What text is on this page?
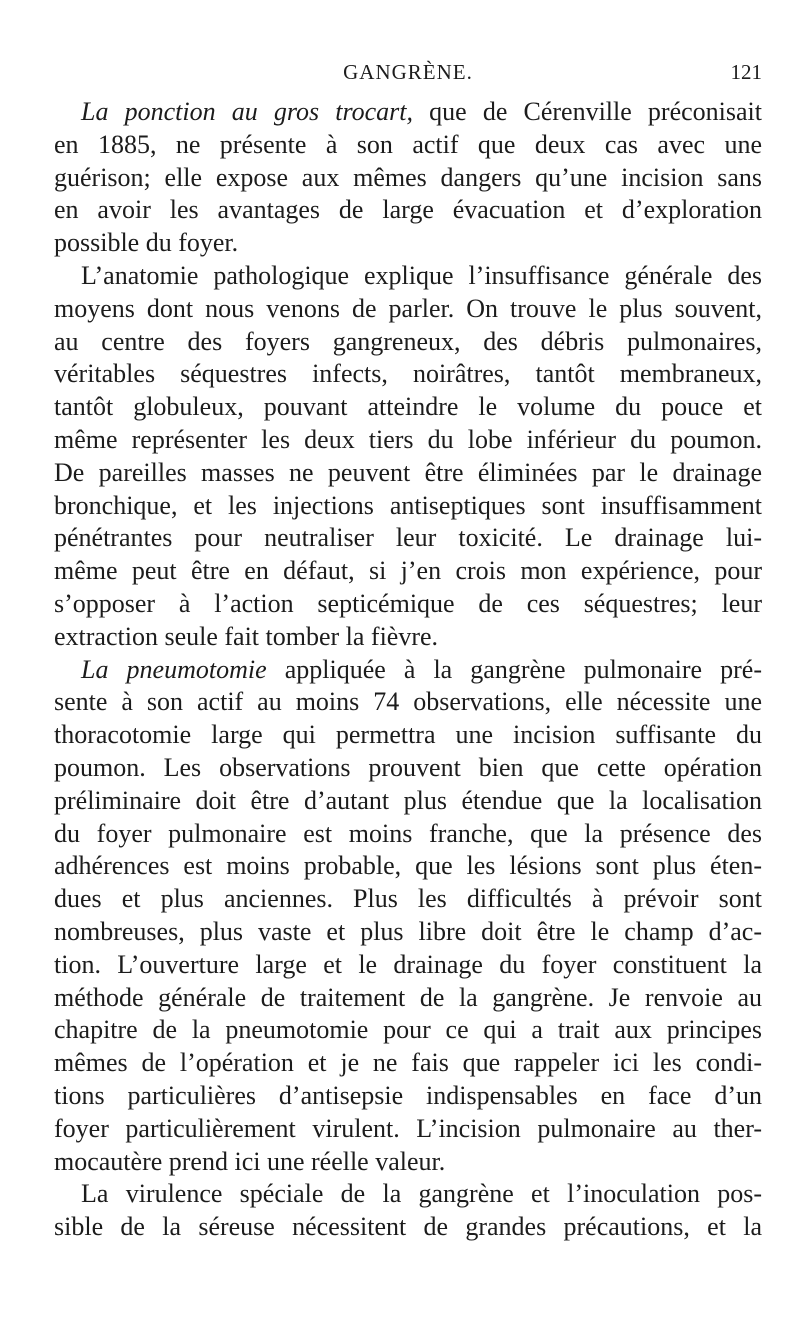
GANGRÈNE.	121
La ponction au gros trocart, que de Cérenville préconisait
en 1885, ne présente à son actif que deux cas avec une
guérison; elle expose aux mêmes dangers qu’une incision sans
en avoir les avantages de large évacuation et d’exploration
possible du foyer.
L’anatomie pathologique explique l’insuffisance générale des
moyens dont nous venons de parler. On trouve le plus souvent,
au centre des foyers gangreneux, des débris pulmonaires,
véritables séquestres infects, noirâtres, tantôt membraneux,
tantôt globuleux, pouvant atteindre le volume du pouce et
même représenter les deux tiers du lobe inférieur du poumon.
De pareilles masses ne peuvent être éliminées par le drainage
bronchique, et les injections antiseptiques sont insuffisamment
pénétrantes pour neutraliser leur toxicité. Le drainage lui-
même peut être en défaut, si j’en crois mon expérience, pour
s’opposer à l’action septicémique de ces séquestres; leur
extraction seule fait tomber la fièvre.
La pneumotomie appliquée à la gangrène pulmonaire pré-
sente à son actif au moins 74 observations, elle nécessite une
thoracotomie large qui permettra une incision suffisante du
poumon. Les observations prouvent bien que cette opération
préliminaire doit être d’autant plus étendue que la localisation
du foyer pulmonaire est moins franche, que la présence des
adhérences est moins probable, que les lésions sont plus éten-
dues et plus anciennes. Plus les difficultés à prévoir sont
nombreuses, plus vaste et plus libre doit être le champ d’ac-
tion. L’ouverture large et le drainage du foyer constituent la
méthode générale de traitement de la gangrène. Je renvoie au
chapitre de la pneumotomie pour ce qui a trait aux principes
mêmes de l’opération et je ne fais que rappeler ici les condi-
tions particulières d’antisepsie indispensables en face d’un
foyer particulièrement virulent. L’incision pulmonaire au ther-
mocautère prend ici une réelle valeur.
La virulence spéciale de la gangrène et l’inoculation pos-
sible de la séreuse nécessitent de grandes précautions, et la
